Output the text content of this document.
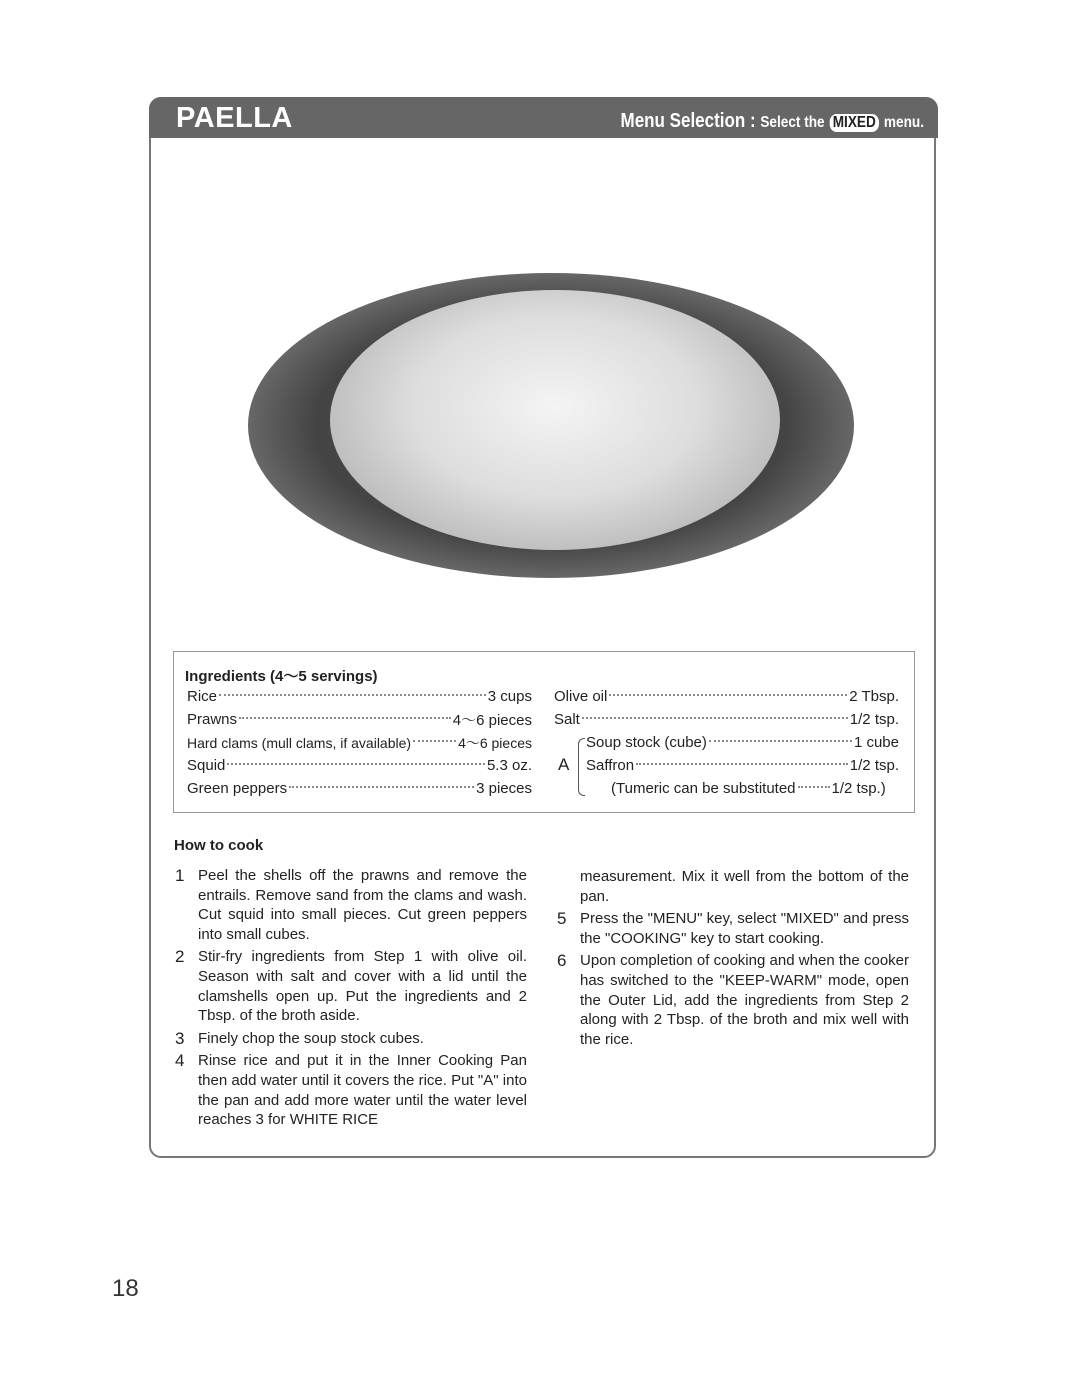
PAELLA	Menu Selection : Select the MIXED menu.
Ingredients (4～5 servings)
Rice	3 cups
Prawns	4～6 pieces
Hard clams (mull clams, if available)	4～6 pieces
Squid	5.3 oz.
Green peppers	3 pieces
Olive oil	2 Tbsp.
Salt	1/2 tsp.
Soup stock (cube)	1 cube
Saffron	1/2 tsp.
(Tumeric can be substituted 1/2 tsp.)
A
How to cook
1 Peel the shells off the prawns and remove the entrails. Remove sand from the clams and wash. Cut squid into small pieces. Cut green peppers into small cubes.
2 Stir-fry ingredients from Step 1 with olive oil. Season with salt and cover with a lid until the clamshells open up. Put the ingredients and 2 Tbsp. of the broth aside.
3 Finely chop the soup stock cubes.
4 Rinse rice and put it in the Inner Cooking Pan then add water until it covers the rice. Put "A" into the pan and add more water until the water level reaches 3 for WHITE RICE
measurement. Mix it well from the bottom of the pan.
5 Press the "MENU" key, select "MIXED" and press the "COOKING" key to start cooking.
6 Upon completion of cooking and when the cooker has switched to the "KEEP-WARM" mode, open the Outer Lid, add the ingredients from Step 2 along with 2 Tbsp. of the broth and mix well with the rice.
18
